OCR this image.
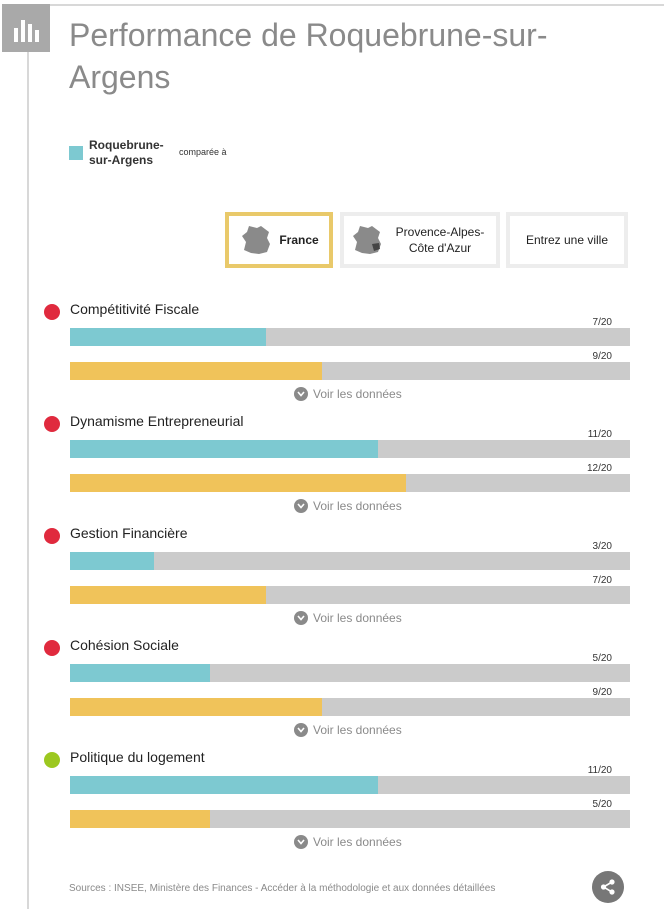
Performance de Roquebrune-sur-Argens
Roquebrune-sur-Argens
comparée à
France
Provence-Alpes-Côte d'Azur
Entrez une ville
Compétitivité Fiscale
7/20
9/20
Voir les données
Dynamisme Entrepreneurial
11/20
12/20
Voir les données
Gestion Financière
3/20
7/20
Voir les données
Cohésion Sociale
5/20
9/20
Voir les données
Politique du logement
11/20
5/20
Voir les données
Sources : INSEE, Ministère des Finances - Accéder à la méthodologie et aux données détaillées
